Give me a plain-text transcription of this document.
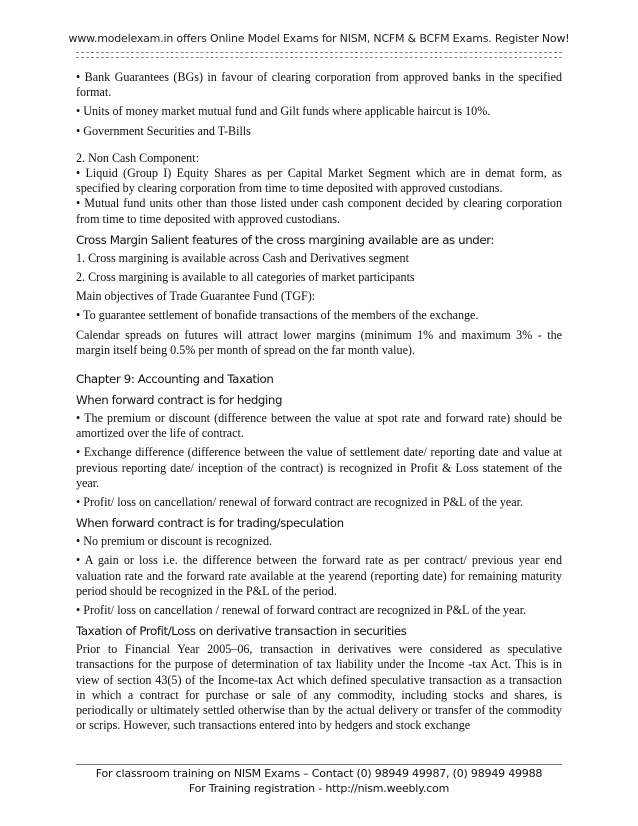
www.modelexam.in offers Online Model Exams for NISM, NCFM & BCFM Exams. Register Now!

• Bank Guarantees (BGs) in favour of clearing corporation from approved banks in the specified format.

• Units of money market mutual fund and Gilt funds where applicable haircut is 10%.

• Government Securities and T-Bills

2. Non Cash Component:

• Liquid (Group I) Equity Shares as per Capital Market Segment which are in demat form, as specified by clearing corporation from time to time deposited with approved custodians.

• Mutual fund units other than those listed under cash component decided by clearing corporation from time to time deposited with approved custodians.

Cross Margin Salient features of the cross margining available are as under:

1. Cross margining is available across Cash and Derivatives segment

2. Cross margining is available to all categories of market participants

Main objectives of Trade Guarantee Fund (TGF):

• To guarantee settlement of bonafide transactions of the members of the exchange.

Calendar spreads on futures will attract lower margins (minimum 1% and maximum 3% - the margin itself being 0.5% per month of spread on the far month value).

Chapter 9: Accounting and Taxation
When forward contract is for hedging

• The premium or discount (difference between the value at spot rate and forward rate) should be amortized over the life of contract.

• Exchange difference (difference between the value of settlement date/ reporting date and value at previous reporting date/ inception of the contract) is recognized in Profit & Loss statement of the year.

• Profit/ loss on cancellation/ renewal of forward contract are recognized in P&L of the year.

When forward contract is for trading/speculation

• No premium or discount is recognized.

• A gain or loss i.e. the difference between the forward rate as per contract/ previous year end valuation rate and the forward rate available at the yearend (reporting date) for remaining maturity period should be recognized in the P&L of the period.

• Profit/ loss on cancellation / renewal of forward contract are recognized in P&L of the year.

Taxation of Profit/Loss on derivative transaction in securities

Prior to Financial Year 2005–06, transaction in derivatives were considered as speculative transactions for the purpose of determination of tax liability under the Income -tax Act. This is in view of section 43(5) of the Income-tax Act which defined speculative transaction as a transaction in which a contract for purchase or sale of any commodity, including stocks and shares, is periodically or ultimately settled otherwise than by the actual delivery or transfer of the commodity or scrips. However, such transactions entered into by hedgers and stock exchange

For classroom training on NISM Exams – Contact (0) 98949 49987, (0) 98949 49988
For Training registration - http://nism.weebly.com
